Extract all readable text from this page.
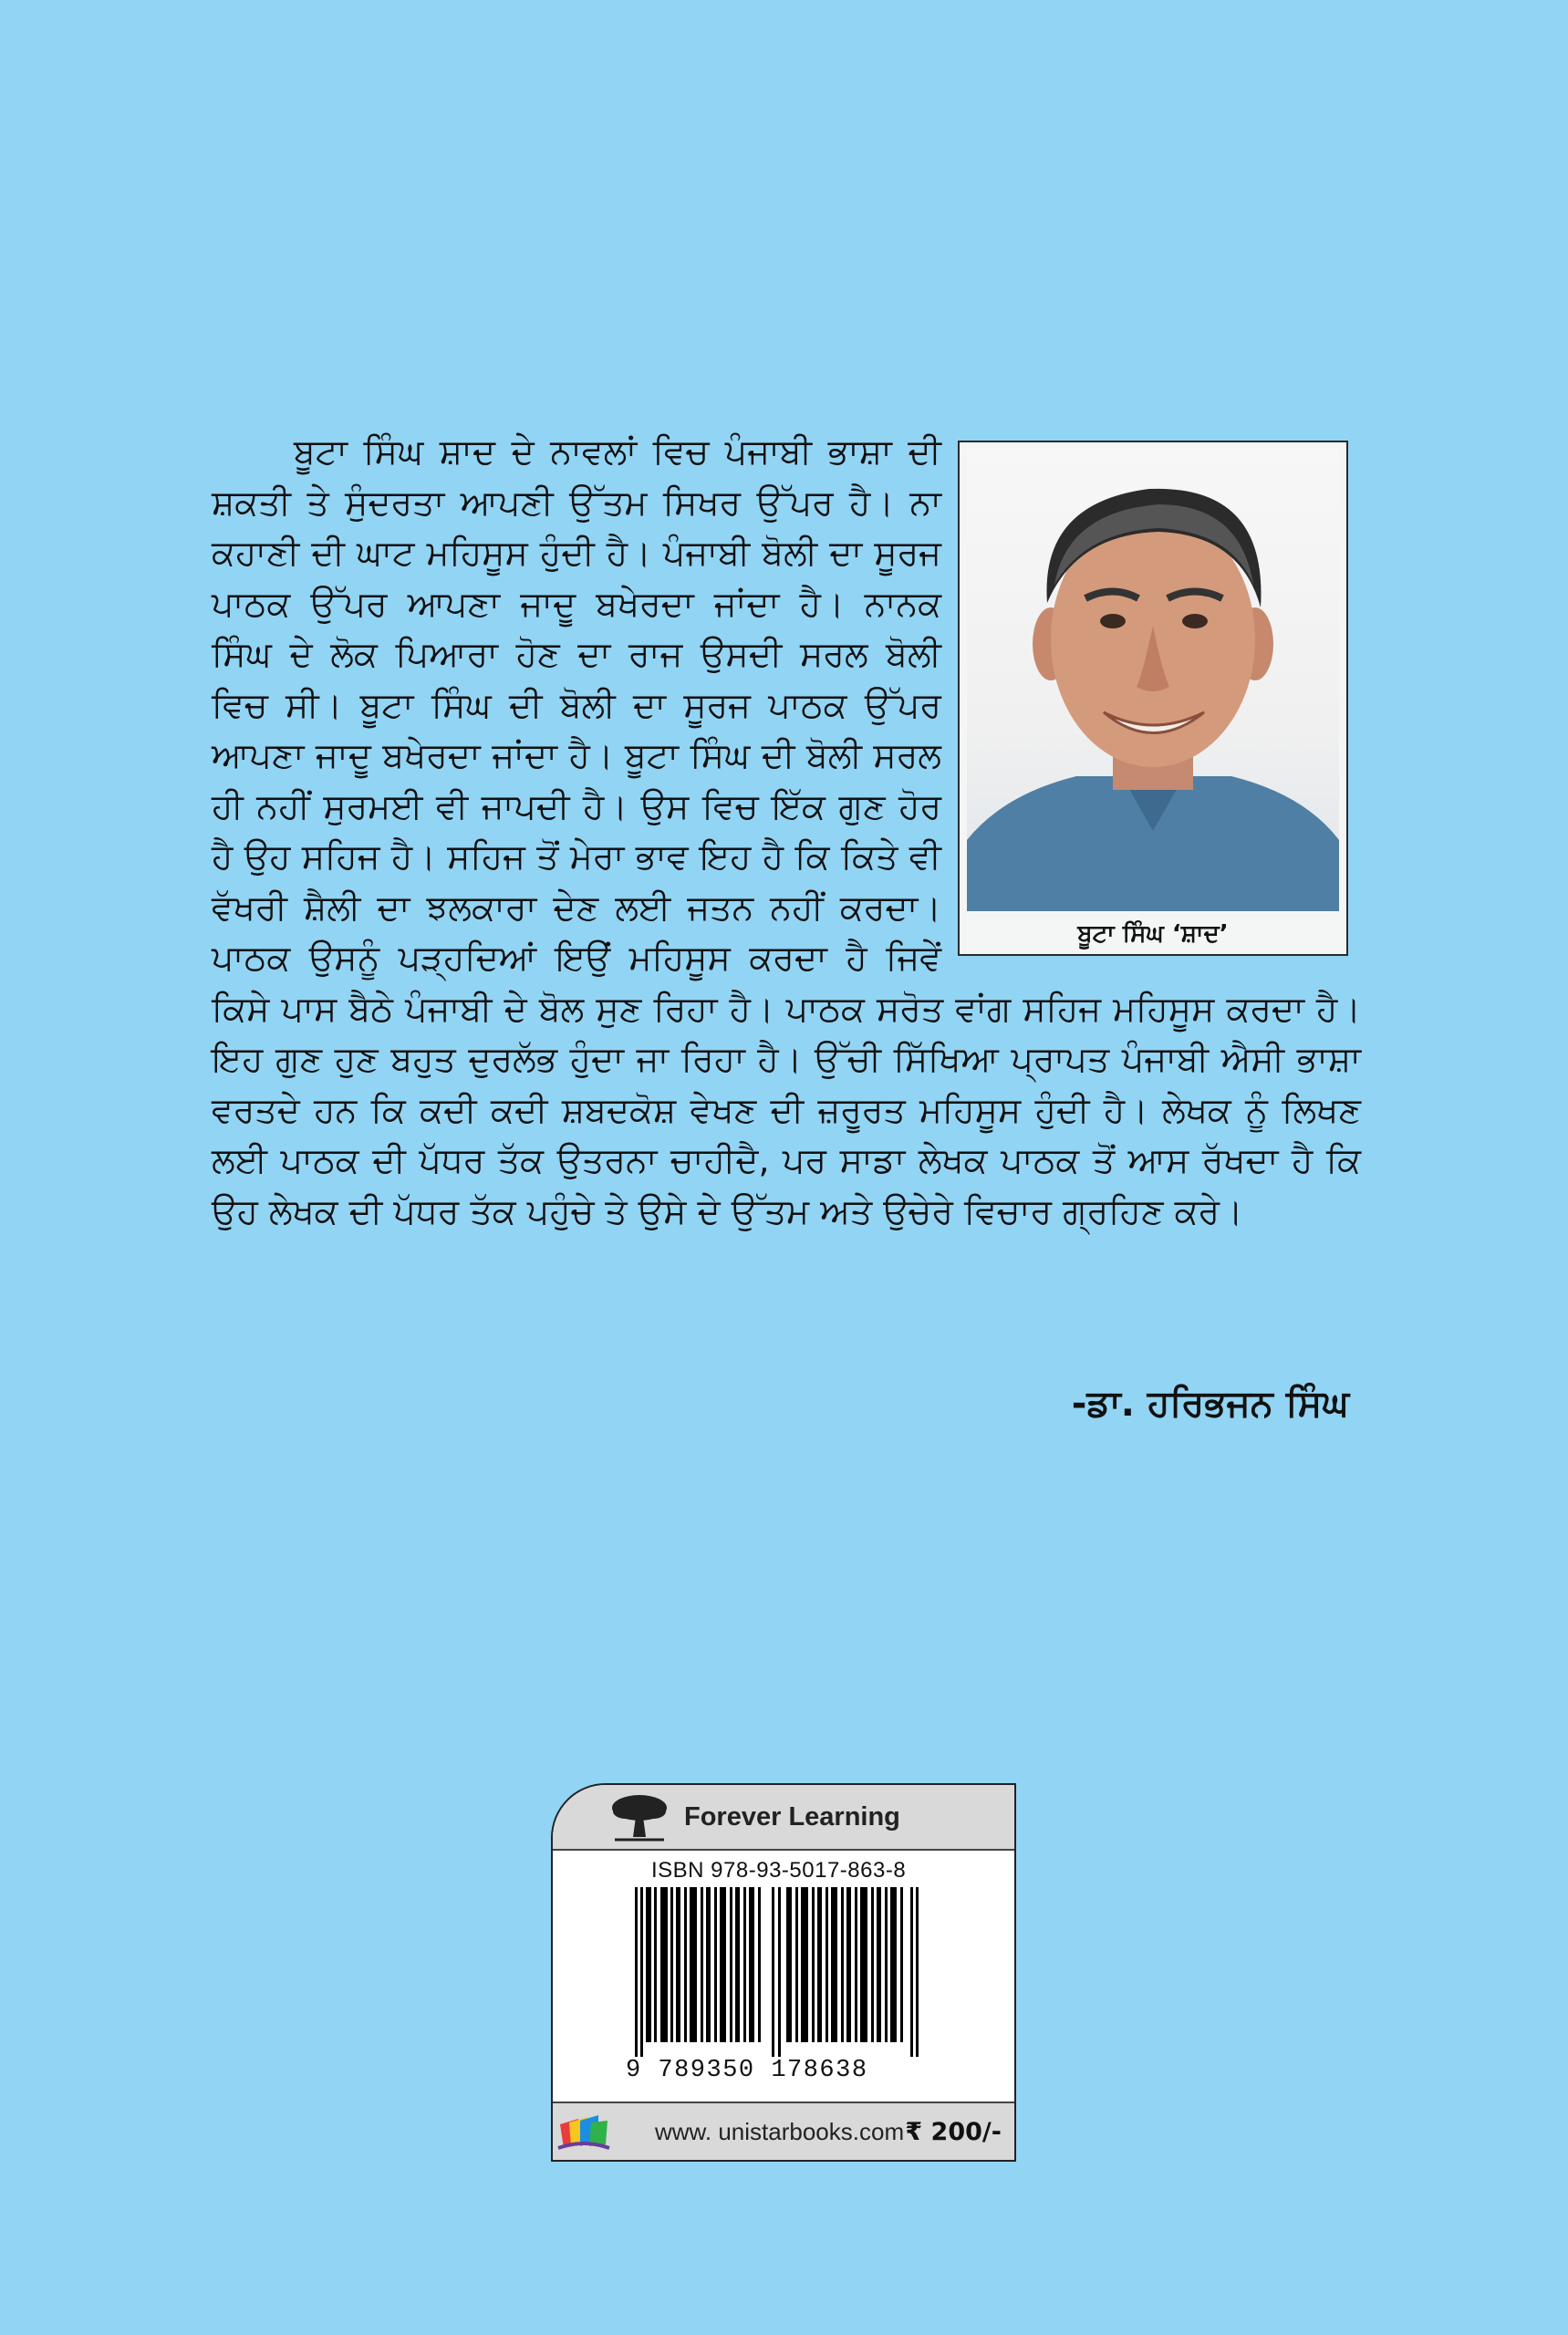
ਬੂਟਾ ਸਿੰਘ ਸ਼ਾਦ ਦੇ ਨਾਵਲਾਂ ਵਿਚ ਪੰਜਾਬੀ ਭਾਸ਼ਾ ਦੀ ਸ਼ਕਤੀ ਤੇ ਸੁੰਦਰਤਾ ਆਪਣੀ ਉੱਤਮ ਸਿਖਰ ਉੱਪਰ ਹੈ। ਨਾ ਕਹਾਣੀ ਦੀ ਘਾਟ ਮਹਿਸੂਸ ਹੁੰਦੀ ਹੈ। ਪੰਜਾਬੀ ਬੋਲੀ ਦਾ ਸੂਰਜ ਪਾਠਕ ਉੱਪਰ ਆਪਣਾ ਜਾਦੂ ਬਖੇਰਦਾ ਜਾਂਦਾ ਹੈ। ਨਾਨਕ ਸਿੰਘ ਦੇ ਲੋਕ ਪਿਆਰਾ ਹੋਣ ਦਾ ਰਾਜ ਉਸਦੀ ਸਰਲ ਬੋਲੀ ਵਿਚ ਸੀ। ਬੂਟਾ ਸਿੰਘ ਦੀ ਬੋਲੀ ਦਾ ਸੂਰਜ ਪਾਠਕ ਉੱਪਰ ਆਪਣਾ ਜਾਦੂ ਬਖੇਰਦਾ ਜਾਂਦਾ ਹੈ। ਬੂਟਾ ਸਿੰਘ ਦੀ ਬੋਲੀ ਸਰਲ ਹੀ ਨਹੀਂ ਸੁਰਮਈ ਵੀ ਜਾਪਦੀ ਹੈ। ਉਸ ਵਿਚ ਇੱਕ ਗੁਣ ਹੋਰ ਹੈ ਉਹ ਸਹਿਜ ਹੈ। ਸਹਿਜ ਤੋਂ ਮੇਰਾ ਭਾਵ ਇਹ ਹੈ ਕਿ ਕਿਤੇ ਵੀ ਵੱਖਰੀ ਸ਼ੈਲੀ ਦਾ ਝਲਕਾਰਾ ਦੇਣ ਲਈ ਜਤਨ ਨਹੀਂ ਕਰਦਾ। ਪਾਠਕ ਉਸਨੂੰ ਪੜ੍ਹਦਿਆਂ ਇਉਂ ਮਹਿਸੂਸ ਕਰਦਾ ਹੈ ਜਿਵੇਂ ਕਿਸੇ ਪਾਸ ਬੈਠੇ ਪੰਜਾਬੀ ਦੇ ਬੋਲ ਸੁਣ ਰਿਹਾ ਹੈ। ਪਾਠਕ ਸਰੋਤ ਵਾਂਗ ਸਹਿਜ ਮਹਿਸੂਸ ਕਰਦਾ ਹੈ। ਇਹ ਗੁਣ ਹੁਣ ਬਹੁਤ ਦੁਰਲੱਭ ਹੁੰਦਾ ਜਾ ਰਿਹਾ ਹੈ। ਉੱਚੀ ਸਿੱਖਿਆ ਪ੍ਰਾਪਤ ਪੰਜਾਬੀ ਐਸੀ ਭਾਸ਼ਾ ਵਰਤਦੇ ਹਨ ਕਿ ਕਦੀ ਕਦੀ ਸ਼ਬਦਕੋਸ਼ ਵੇਖਣ ਦੀ ਜ਼ਰੂਰਤ ਮਹਿਸੂਸ ਹੁੰਦੀ ਹੈ। ਲੇਖਕ ਨੂੰ ਲਿਖਣ ਲਈ ਪਾਠਕ ਦੀ ਪੱਧਰ ਤੱਕ ਉਤਰਨਾ ਚਾਹੀਦੈ, ਪਰ ਸਾਡਾ ਲੇਖਕ ਪਾਠਕ ਤੋਂ ਆਸ ਰੱਖਦਾ ਹੈ ਕਿ ਉਹ ਲੇਖਕ ਦੀ ਪੱਧਰ ਤੱਕ ਪਹੁੰਚੇ ਤੇ ਉਸੇ ਦੇ ਉੱਤਮ ਅਤੇ ਉਚੇਰੇ ਵਿਚਾਰ ਗ੍ਰਹਿਣ ਕਰੇ।

ਬੂਟਾ ਸਿੰਘ ‘ਸ਼ਾਦ’
-ਡਾ. ਹਰਿਭਜਨ ਸਿੰਘ
Forever Learning
ISBN 978-93-5017-863-8
9 789350 178638
www. unistarbooks.com ₹ 200/-
